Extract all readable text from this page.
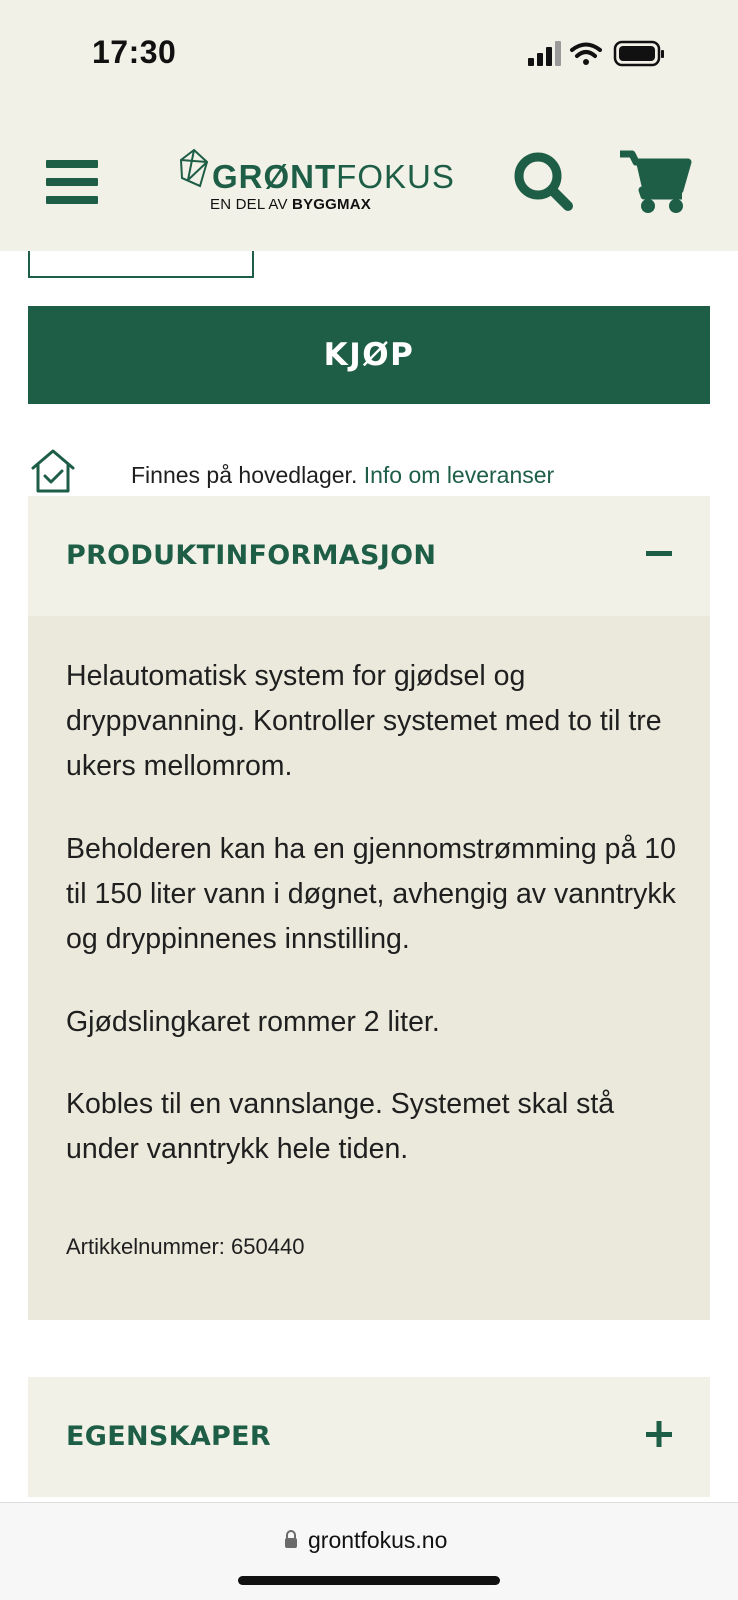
17:30
GRØNTFOKUS
EN DEL AV BYGGMAX
KJØP
Finnes på hovedlager. Info om leveranser
PRODUKTINFORMASJON

Helautomatisk system for gjødsel og dryppvanning. Kontroller systemet med to til tre ukers mellomrom.

Beholderen kan ha en gjennomstrømming på 10 til 150 liter vann i døgnet, avhengig av vanntrykk og dryppinnenes innstilling.

Gjødslingkaret rommer 2 liter.

Kobles til en vannslange. Systemet skal stå under vanntrykk hele tiden.

Artikkelnummer: 650440
EGENSKAPER
grontfokus.no
